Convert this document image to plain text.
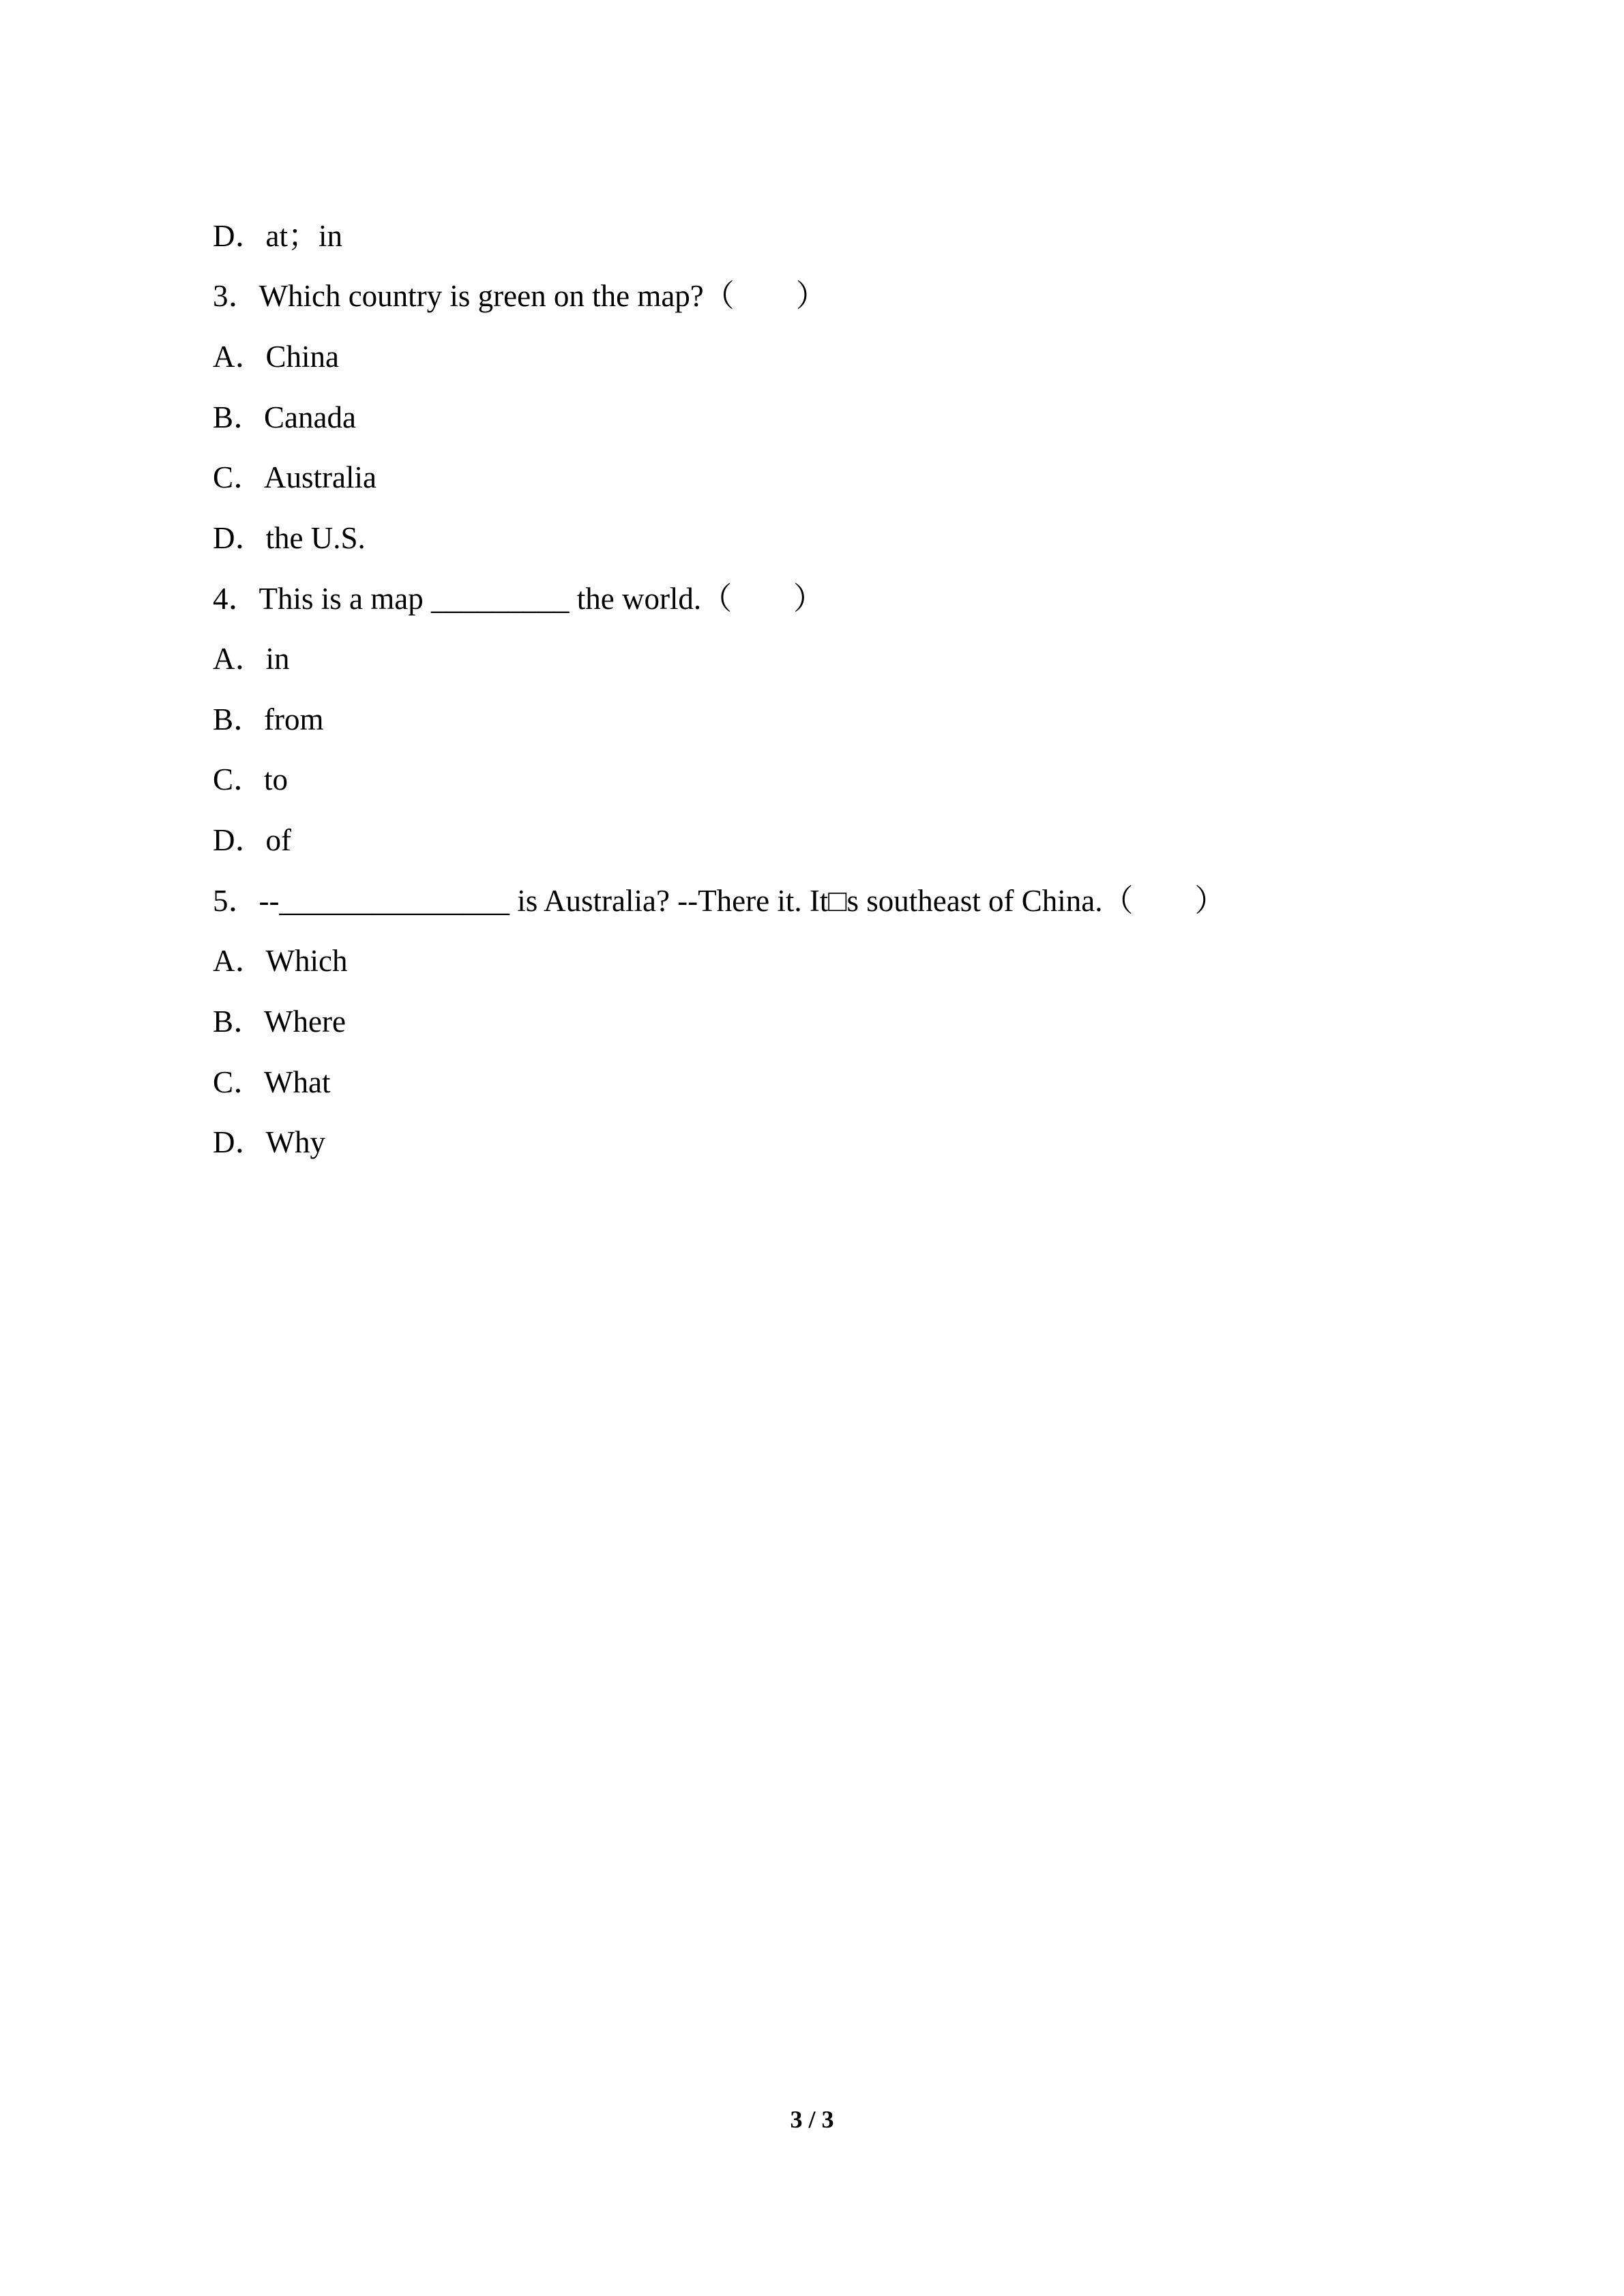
D．at；in
3．Which country is green on the map?（　　）
A．China
B．Canada
C．Australia
D．the U.S.
4．This is a map _________ the world.（　　）
A．in
B．from
C．to
D．of
5．--_______________ is Australia? --There it. It□s southeast of China.（　　）
A．Which
B．Where
C．What
D．Why
3 / 3
